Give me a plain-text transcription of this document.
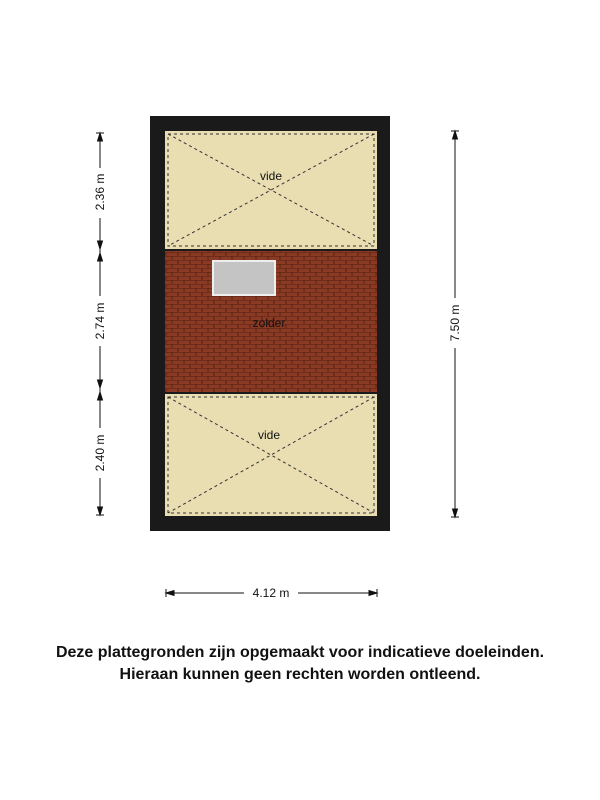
vide
zolder
vide
2.36 m
2.74 m
2.40 m
7.50 m
4.12 m
Deze plattegronden zijn opgemaakt voor indicatieve doeleinden.
Hieraan kunnen geen rechten worden ontleend.
